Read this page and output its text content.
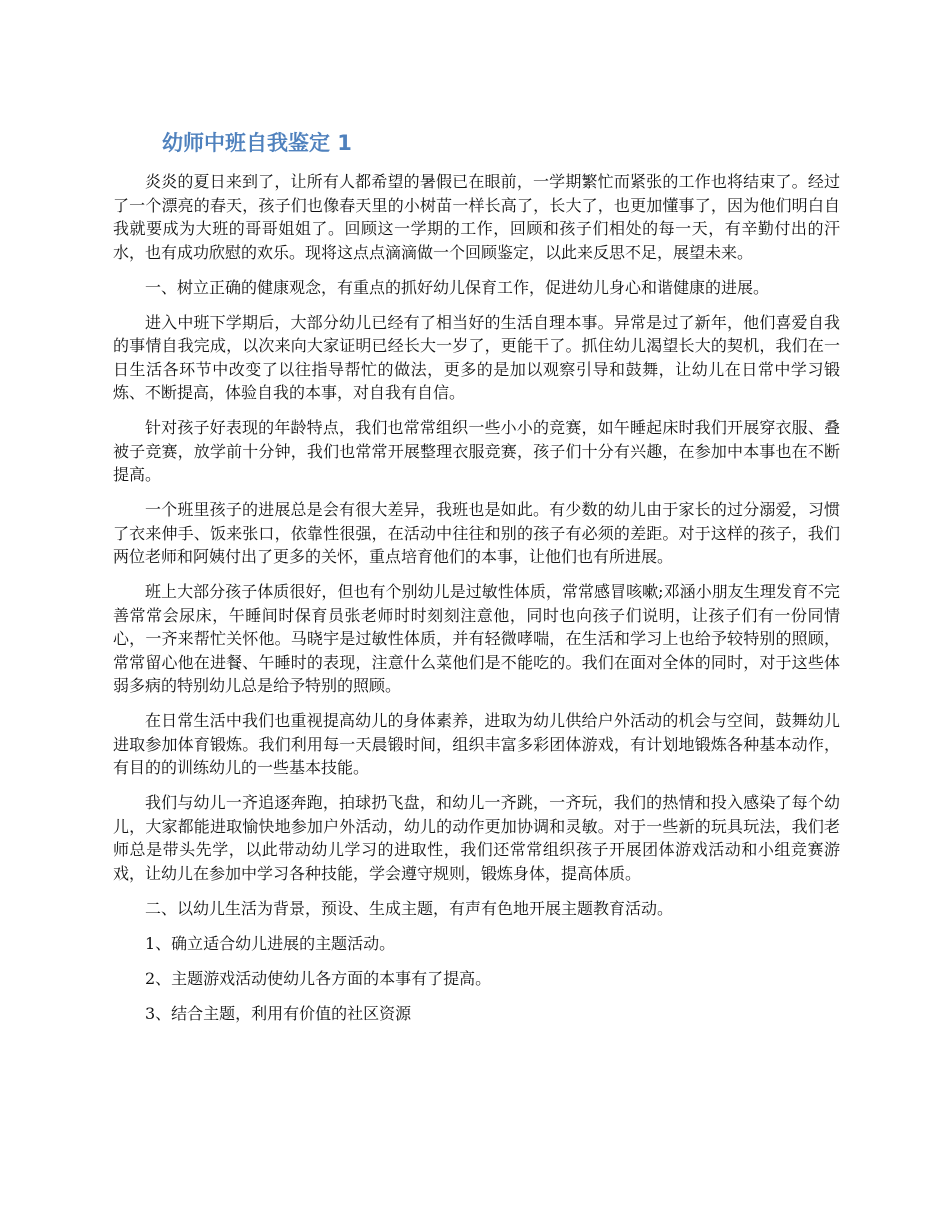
幼师中班自我鉴定 1

炎炎的夏日来到了，让所有人都希望的暑假已在眼前，一学期繁忙而紧张的工作也将结束了。经过了一个漂亮的春天，孩子们也像春天里的小树苗一样长高了，长大了，也更加懂事了，因为他们明白自我就要成为大班的哥哥姐姐了。回顾这一学期的工作，回顾和孩子们相处的每一天，有辛勤付出的汗水，也有成功欣慰的欢乐。现将这点点滴滴做一个回顾鉴定，以此来反思不足，展望未来。

一、树立正确的健康观念，有重点的抓好幼儿保育工作，促进幼儿身心和谐健康的进展。

进入中班下学期后，大部分幼儿已经有了相当好的生活自理本事。异常是过了新年，他们喜爱自我的事情自我完成，以次来向大家证明已经长大一岁了，更能干了。抓住幼儿渴望长大的契机，我们在一日生活各环节中改变了以往指导帮忙的做法，更多的是加以观察引导和鼓舞，让幼儿在日常中学习锻炼、不断提高，体验自我的本事，对自我有自信。

针对孩子好表现的年龄特点，我们也常常组织一些小小的竞赛，如午睡起床时我们开展穿衣服、叠被子竞赛，放学前十分钟，我们也常常开展整理衣服竞赛，孩子们十分有兴趣，在参加中本事也在不断提高。

一个班里孩子的进展总是会有很大差异，我班也是如此。有少数的幼儿由于家长的过分溺爱，习惯了衣来伸手、饭来张口，依靠性很强，在活动中往往和别的孩子有必须的差距。对于这样的孩子，我们两位老师和阿姨付出了更多的关怀，重点培育他们的本事，让他们也有所进展。

班上大部分孩子体质很好，但也有个别幼儿是过敏性体质，常常感冒咳嗽;邓涵小朋友生理发育不完善常常会尿床，午睡间时保育员张老师时时刻刻注意他，同时也向孩子们说明，让孩子们有一份同情心，一齐来帮忙关怀他。马晓宇是过敏性体质，并有轻微哮喘，在生活和学习上也给予较特别的照顾，常常留心他在进餐、午睡时的表现，注意什么菜他们是不能吃的。我们在面对全体的同时，对于这些体弱多病的特别幼儿总是给予特别的照顾。

在日常生活中我们也重视提高幼儿的身体素养，进取为幼儿供给户外活动的机会与空间，鼓舞幼儿进取参加体育锻炼。我们利用每一天晨锻时间，组织丰富多彩团体游戏，有计划地锻炼各种基本动作，有目的的训练幼儿的一些基本技能。

我们与幼儿一齐追逐奔跑，拍球扔飞盘，和幼儿一齐跳，一齐玩，我们的热情和投入感染了每个幼儿，大家都能进取愉快地参加户外活动，幼儿的动作更加协调和灵敏。对于一些新的玩具玩法，我们老师总是带头先学，以此带动幼儿学习的进取性，我们还常常组织孩子开展团体游戏活动和小组竞赛游戏，让幼儿在参加中学习各种技能，学会遵守规则，锻炼身体，提高体质。

二、以幼儿生活为背景，预设、生成主题，有声有色地开展主题教育活动。

1、确立适合幼儿进展的主题活动。

2、主题游戏活动使幼儿各方面的本事有了提高。

3、结合主题，利用有价值的社区资源
